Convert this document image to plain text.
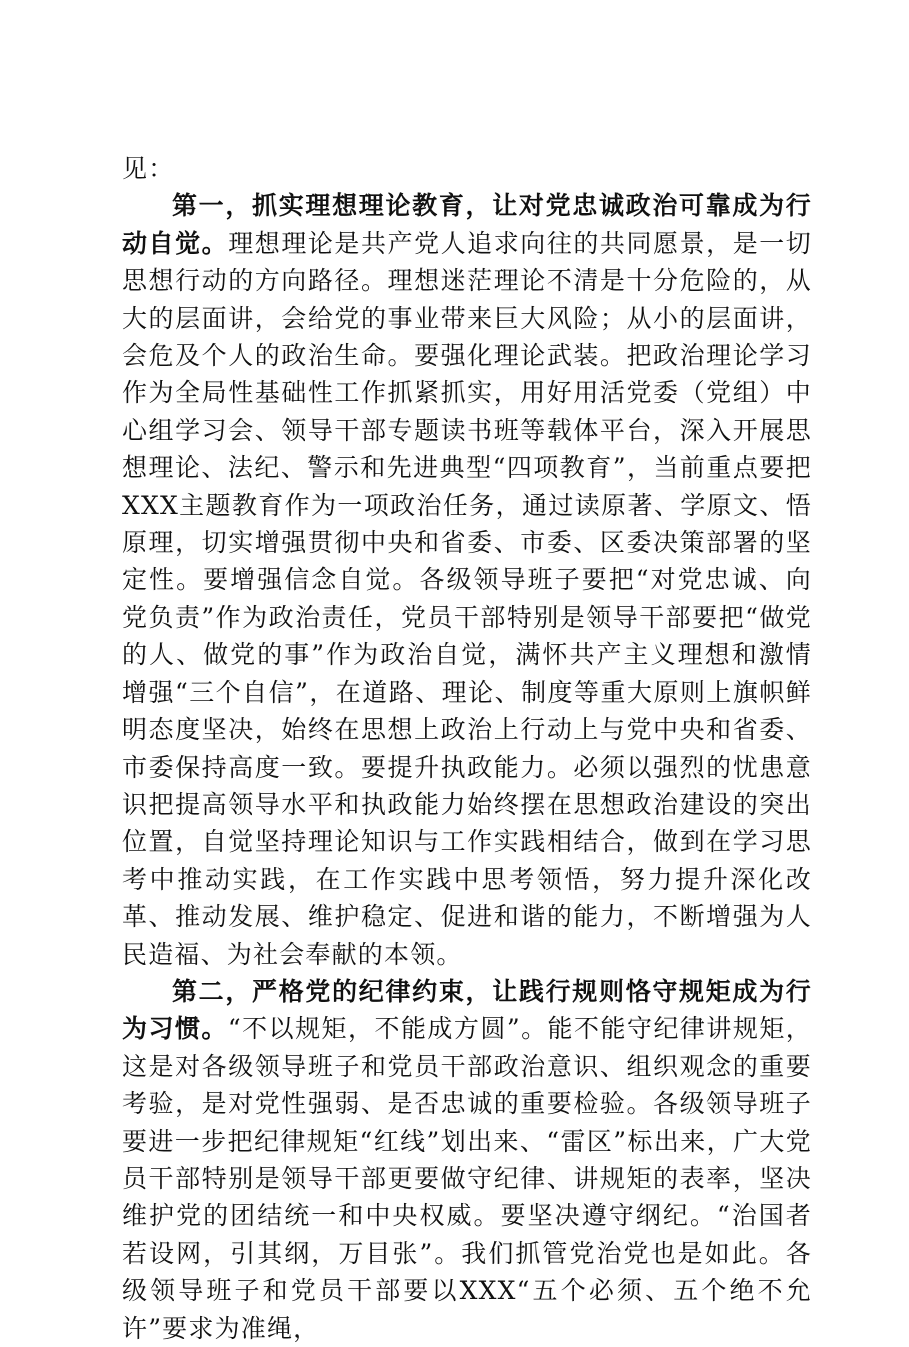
见：

第一，抓实理想理论教育，让对党忠诚政治可靠成为行动自觉。理想理论是共产党人追求向往的共同愿景，是一切思想行动的方向路径。理想迷茫理论不清是十分危险的，从大的层面讲，会给党的事业带来巨大风险；从小的层面讲，会危及个人的政治生命。要强化理论武装。把政治理论学习作为全局性基础性工作抓紧抓实，用好用活党委（党组）中心组学习会、领导干部专题读书班等载体平台，深入开展思想理论、法纪、警示和先进典型“四项教育”，当前重点要把XXX主题教育作为一项政治任务，通过读原著、学原文、悟原理，切实增强贯彻中央和省委、市委、区委决策部署的坚定性。要增强信念自觉。各级领导班子要把“对党忠诚、向党负责”作为政治责任，党员干部特别是领导干部要把“做党的人、做党的事”作为政治自觉，满怀共产主义理想和激情增强“三个自信”，在道路、理论、制度等重大原则上旗帜鲜明态度坚决，始终在思想上政治上行动上与党中央和省委、市委保持高度一致。要提升执政能力。必须以强烈的忧患意识把提高领导水平和执政能力始终摆在思想政治建设的突出位置，自觉坚持理论知识与工作实践相结合，做到在学习思考中推动实践，在工作实践中思考领悟，努力提升深化改革、推动发展、维护稳定、促进和谐的能力，不断增强为人民造福、为社会奉献的本领。

第二，严格党的纪律约束，让践行规则恪守规矩成为行为习惯。“不以规矩，不能成方圆”。能不能守纪律讲规矩，这是对各级领导班子和党员干部政治意识、组织观念的重要考验，是对党性强弱、是否忠诚的重要检验。各级领导班子要进一步把纪律规矩“红线”划出来、“雷区”标出来，广大党员干部特别是领导干部更要做守纪律、讲规矩的表率，坚决维护党的团结统一和中央权威。要坚决遵守纲纪。“治国者若设网，引其纲，万目张”。我们抓管党治党也是如此。各级领导班子和党员干部要以XXX“五个必须、五个绝不允许”要求为准绳，
